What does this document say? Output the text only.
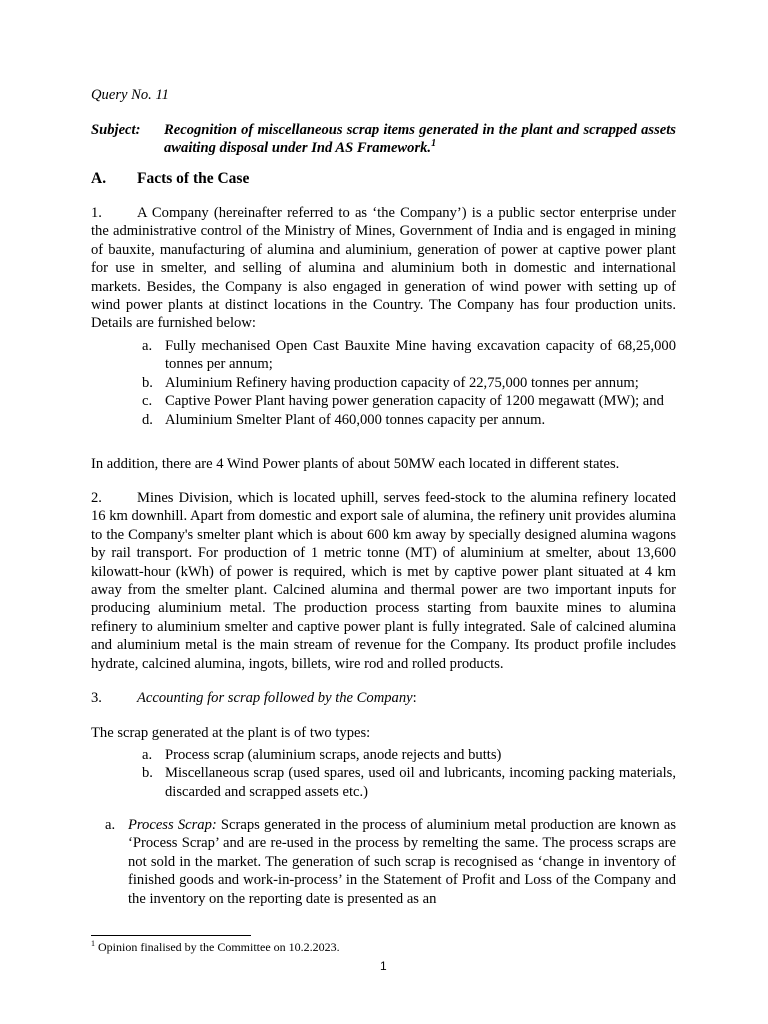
Query No. 11
Subject: Recognition of miscellaneous scrap items generated in the plant and scrapped assets awaiting disposal under Ind AS Framework.$^1$
A. Facts of the Case
1. A Company (hereinafter referred to as ‘the Company’) is a public sector enterprise under the administrative control of the Ministry of Mines, Government of India and is engaged in mining of bauxite, manufacturing of alumina and aluminium, generation of power at captive power plant for use in smelter, and selling of alumina and aluminium both in domestic and international markets. Besides, the Company is also engaged in generation of wind power with setting up of wind power plants at distinct locations in the Country. The Company has four production units. Details are furnished below:
a. Fully mechanised Open Cast Bauxite Mine having excavation capacity of 68,25,000 tonnes per annum;
b. Aluminium Refinery having production capacity of 22,75,000 tonnes per annum;
c. Captive Power Plant having power generation capacity of 1200 megawatt (MW); and
d. Aluminium Smelter Plant of 460,000 tonnes capacity per annum.
In addition, there are 4 Wind Power plants of about 50MW each located in different states.
2. Mines Division, which is located uphill, serves feed-stock to the alumina refinery located 16 km downhill. Apart from domestic and export sale of alumina, the refinery unit provides alumina to the Company's smelter plant which is about 600 km away by specially designed alumina wagons by rail transport. For production of 1 metric tonne (MT) of aluminium at smelter, about 13,600 kilowatt-hour (kWh) of power is required, which is met by captive power plant situated at 4 km away from the smelter plant. Calcined alumina and thermal power are two important inputs for producing aluminium metal. The production process starting from bauxite mines to alumina refinery to aluminium smelter and captive power plant is fully integrated. Sale of calcined alumina and aluminium metal is the main stream of revenue for the Company. Its product profile includes hydrate, calcined alumina, ingots, billets, wire rod and rolled products.
3. Accounting for scrap followed by the Company:
The scrap generated at the plant is of two types:
a. Process scrap (aluminium scraps, anode rejects and butts)
b. Miscellaneous scrap (used spares, used oil and lubricants, incoming packing materials, discarded and scrapped assets etc.)
a. Process Scrap: Scraps generated in the process of aluminium metal production are known as ‘Process Scrap’ and are re-used in the process by remelting the same. The process scraps are not sold in the market. The generation of such scrap is recognised as ‘change in inventory of finished goods and work-in-process’ in the Statement of Profit and Loss of the Company and the inventory on the reporting date is presented as an
$^1$ Opinion finalised by the Committee on 10.2.2023.
1
